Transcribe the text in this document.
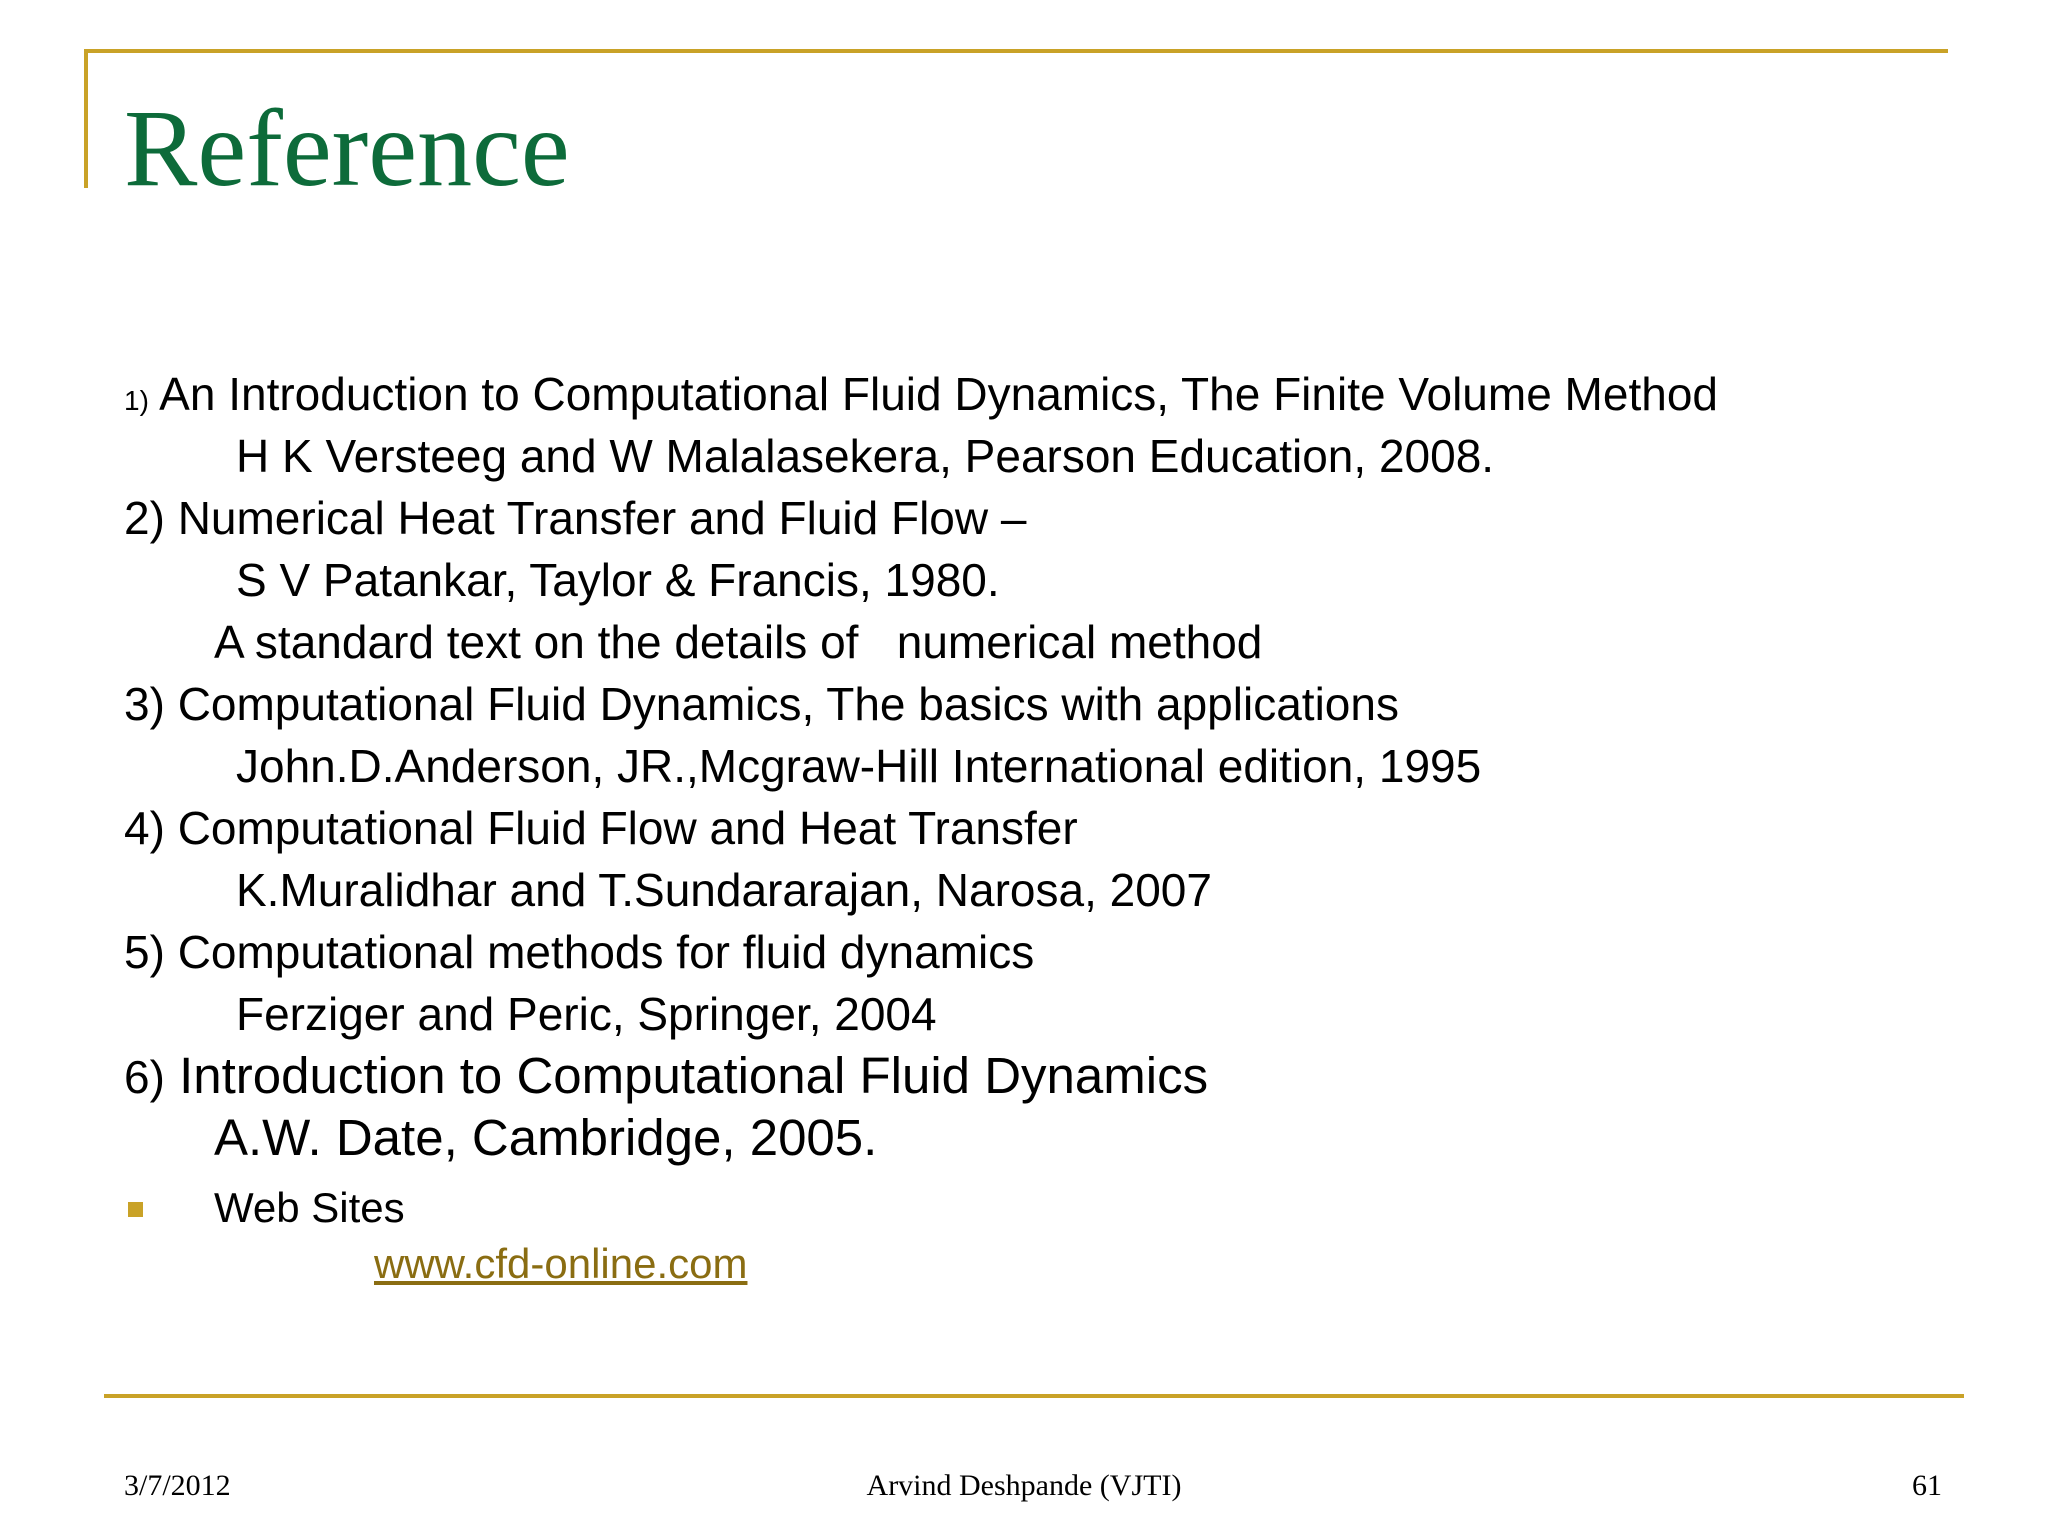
Reference
1) An Introduction to Computational Fluid Dynamics, The Finite Volume Method
H K Versteeg and W Malalasekera, Pearson Education, 2008.
2) Numerical Heat Transfer and Fluid Flow –
S V Patankar, Taylor & Francis, 1980.
A standard text on the details of   numerical method
3) Computational Fluid Dynamics, The basics with applications
John.D.Anderson, JR.,Mcgraw-Hill International edition, 1995
4) Computational Fluid Flow and Heat Transfer
K.Muralidhar and T.Sundararajan, Narosa, 2007
5) Computational methods for fluid dynamics
Ferziger and Peric, Springer, 2004
6) Introduction to Computational Fluid Dynamics
A.W. Date, Cambridge, 2005.
Web Sites
www.cfd-online.com
3/7/2012	Arvind Deshpande (VJTI)	61
